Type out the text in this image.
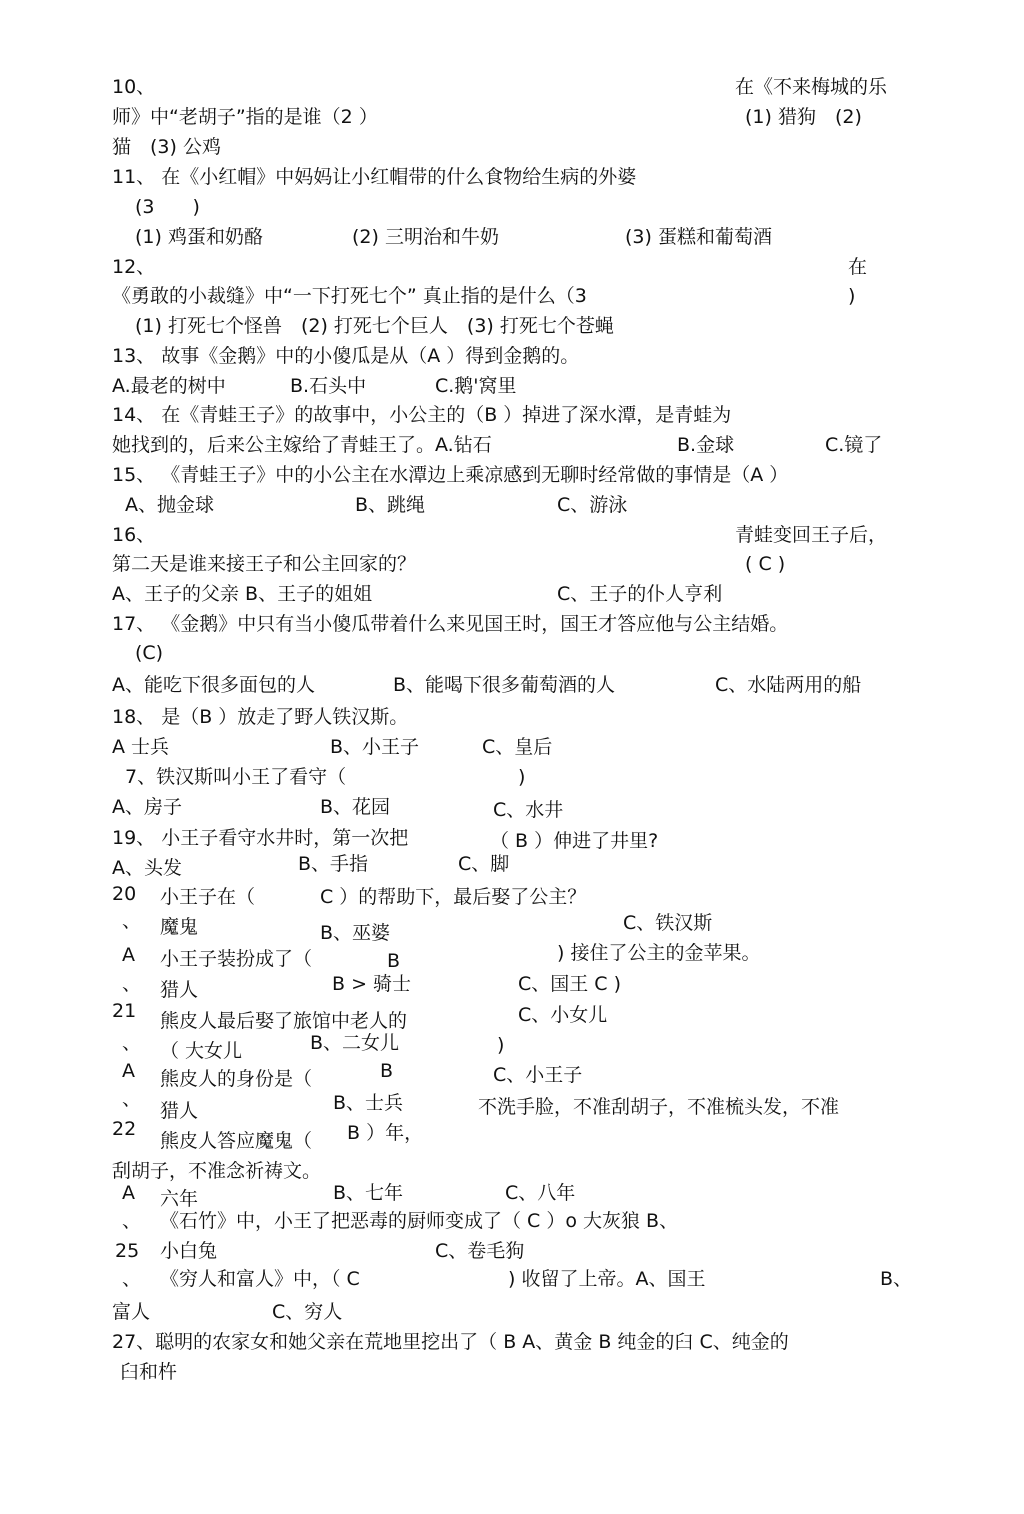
10、	在《不来梅城的乐
师》中“老胡子”指的是谁（2 ）	(1) 猎狗　(2)
猫　(3) 公鸡
11、 在《小红帽》中妈妈让小红帽带的什么食物给生病的外婆
(3　　)
(1) 鸡蛋和奶酪	(2) 三明治和牛奶	(3) 蛋糕和葡萄酒
12、	在
《勇敢的小裁缝》中“一下打死七个” 真止指的是什么（3	)
(1) 打死七个怪兽　(2) 打死七个巨人　(3) 打死七个苍蝇
13、 故事《金鹅》中的小傻瓜是从（A ）得到金鹅的。
A.最老的树中	B.石头中	C.鹅'窝里
14、 在《青蛙王子》的故事中，小公主的（B ）掉进了深水潭，是青蛙为
她找到的，后来公主嫁给了青蛙王了。A.钻石	B.金球	C.镜了
15、 《青蛙王子》中的小公主在水潭边上乘凉感到无聊时经常做的事情是（A ）
A、抛金球	B、跳绳	C、游泳
16、	青蛙变回王子后，
第二天是谁来接王子和公主回家的？	( C )
A、王子的父亲 B、王子的姐姐	C、王子的仆人亨利
17、 《金鹅》中只有当小傻瓜带着什么来见国王时，国王才答应他与公主结婚。
(C)
A、能吃下很多面包的人	B、能喝下很多葡萄酒的人	C、水陆两用的船
18、 是（B ）放走了野人铁汉斯。
A 士兵	B、小王子	C、皇后
7、铁汉斯叫小王了看守（	)
A、房子	B、花园	C、水井
19、 小王子看守水井时，第一次把	（ B ）伸进了井里?
A、头发	B、手指	C、脚
20 小王子在（	C ）的帮助下，最后娶了公主？
、 魔鬼	B、巫婆	C、铁汉斯
A 小王子装扮成了（	B	) 接住了公主的金苹果。
、 猎人	B > 骑士	C、国王 C )
21 熊皮人最后娶了旅馆中老人的	C、小女儿
、 （ 大女儿	B、二女儿	)
A 熊皮人的身份是（	B	C、小王子
、
猎人	B、士兵	不洗手脸，不准刮胡子，不准梳头发，不准
22
熊皮人答应魔鬼（ B ）年，
刮胡子，不准念祈祷文。
A 六年	B、七年	C、八年
、 《石竹》中，小王了把恶毒的厨师变成了（ C ）o 大灰狼 B、
25 小白兔	C、卷毛狗
、 《穷人和富人》中，（ C	) 收留了上帝。A、国王	B、
富人	C、穷人
27、聪明的农家女和她父亲在荒地里挖出了（ B A、黄金 B 纯金的臼 C、纯金的
臼和杵
